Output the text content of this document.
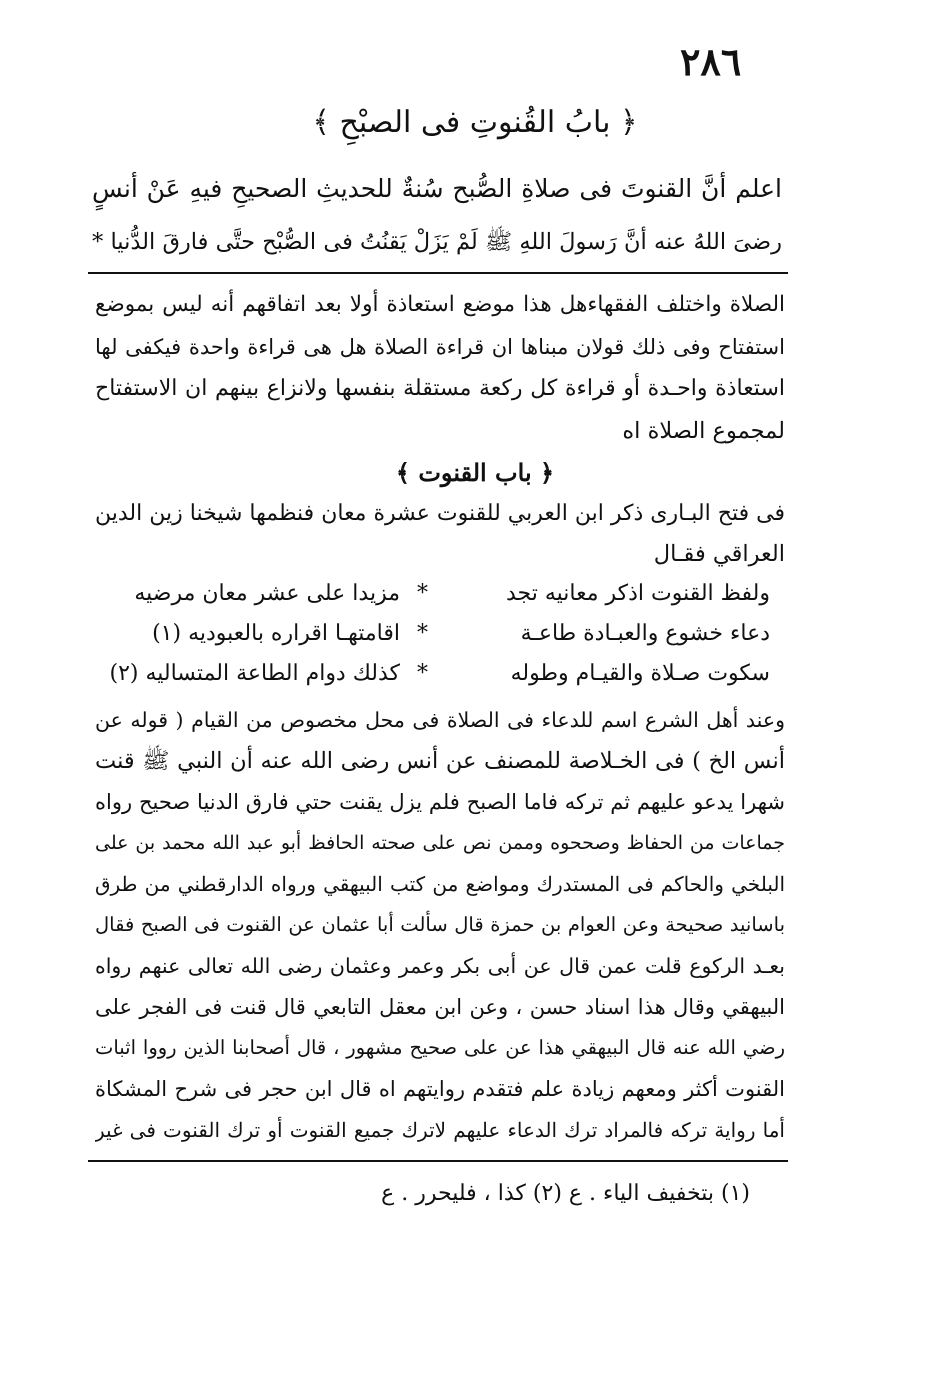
٢٨٦
﴿ بابُ القُنوتِ فى الصبْحِ ﴾
اعلم أنَّ القنوتَ فى صلاةِ الصُّبح سُنةٌ للحديثِ الصحيحِ فيهِ عَنْ أنسٍ
رضىَ اللهُ عنه أنَّ رَسولَ اللهِ ﷺ لَمْ يَزَلْ يَقنُتُ فى الصُّبْح حتَّى فارقَ الدُّنيا *
الصلاة واختلف الفقهاءهل هذا موضع استعاذة أولا بعد اتفاقهم أنه ليس بموضع
استفتاح وفى ذلك قولان مبناها ان قراءة الصلاة هل هى قراءة واحدة فيكفى لها
استعاذة واحـدة أو قراءة كل ركعة مستقلة بنفسها ولانزاع بينهم ان الاستفتاح
لمجموع الصلاة اه
﴿ باب القنوت ﴾
فى فتح البـارى ذكر ابن العربي للقنوت عشرة معان فنظمها شيخنا زين الدين
العراقي فقـال
ولفظ القنوت اذكر معانيه تجد
*
مزيدا على عشر معان مرضيه
دعاء خشوع والعبـادة طاعـة
*
اقامتهـا اقراره بالعبوديه (١)
سكوت صـلاة والقيـام وطوله
*
كذلك دوام الطاعة المتساليه (٢)
وعند أهل الشرع اسم للدعاء فى الصلاة فى محل مخصوص من القيام ( قوله عن
أنس الخ ) فى الخـلاصة للمصنف عن أنس رضى الله عنه أن النبي ﷺ قنت
شهرا يدعو عليهم ثم تركه فاما الصبح فلم يزل يقنت حتي فارق الدنيا صحيح رواه
جماعات من الحفاظ وصححوه وممن نص على صحته الحافظ أبو عبد الله محمد بن على
البلخي والحاكم فى المستدرك ومواضع من كتب البيهقي ورواه الدارقطني من طرق
باسانيد صحيحة وعن العوام بن حمزة قال سألت أبا عثمان عن القنوت فى الصبح فقال
بعـد الركوع قلت عمن قال عن أبى بكر وعمر وعثمان رضى الله تعالى عنهم رواه
البيهقي وقال هذا اسناد حسن ، وعن ابن معقل التابعي قال قنت فى الفجر على
رضي الله عنه قال البيهقي هذا عن على صحيح مشهور ، قال أصحابنا الذين رووا اثبات
القنوت أكثر ومعهم زيادة علم فتقدم روايتهم اه قال ابن حجر فى شرح المشكاة
أما رواية تركه فالمراد ترك الدعاء عليهم لاترك جميع القنوت أو ترك القنوت فى غير
(١) بتخفيف الياء . ع (٢) كذا ، فليحرر . ع
